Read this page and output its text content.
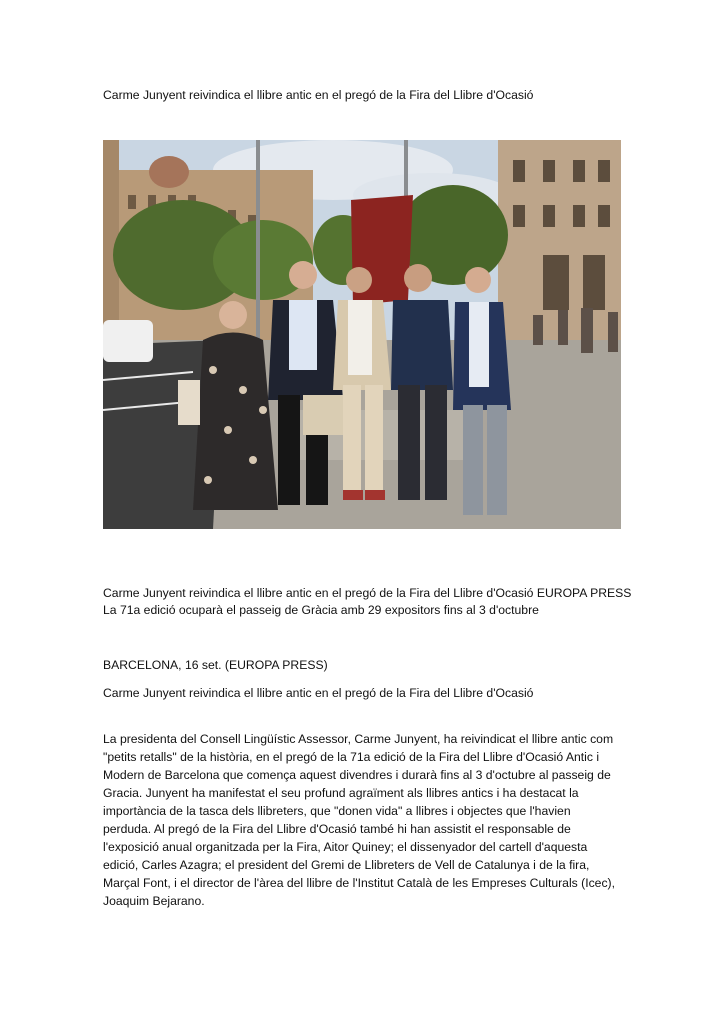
Carme Junyent reivindica el llibre antic en el pregó de la Fira del Llibre d'Ocasió
Carme Junyent reivindica el llibre antic en el pregó de la Fira del Llibre d'Ocasió EUROPA PRESS
La 71a edició ocuparà el passeig de Gràcia amb 29 expositors fins al 3 d'octubre
BARCELONA, 16 set. (EUROPA PRESS)
Carme Junyent reivindica el llibre antic en el pregó de la Fira del Llibre d'Ocasió
La presidenta del Consell Lingüístic Assessor, Carme Junyent, ha reivindicat el llibre antic com
"petits retalls" de la història, en el pregó de la 71a edició de la Fira del Llibre d'Ocasió Antic i
Modern de Barcelona que comença aquest divendres i durarà fins al 3 d'octubre al passeig de
Gracia. Junyent ha manifestat el seu profund agraïment als llibres antics i ha destacat la
importància de la tasca dels llibreters, que "donen vida" a llibres i objectes que l'havien
perduda. Al pregó de la Fira del Llibre d'Ocasió també hi han assistit el responsable de
l'exposició anual organitzada per la Fira, Aitor Quiney; el dissenyador del cartell d'aquesta
edició, Carles Azagra; el president del Gremi de Llibreters de Vell de Catalunya i de la fira,
Marçal Font, i el director de l'àrea del llibre de l'Institut Català de les Empreses Culturals (Icec),
Joaquim Bejarano.
